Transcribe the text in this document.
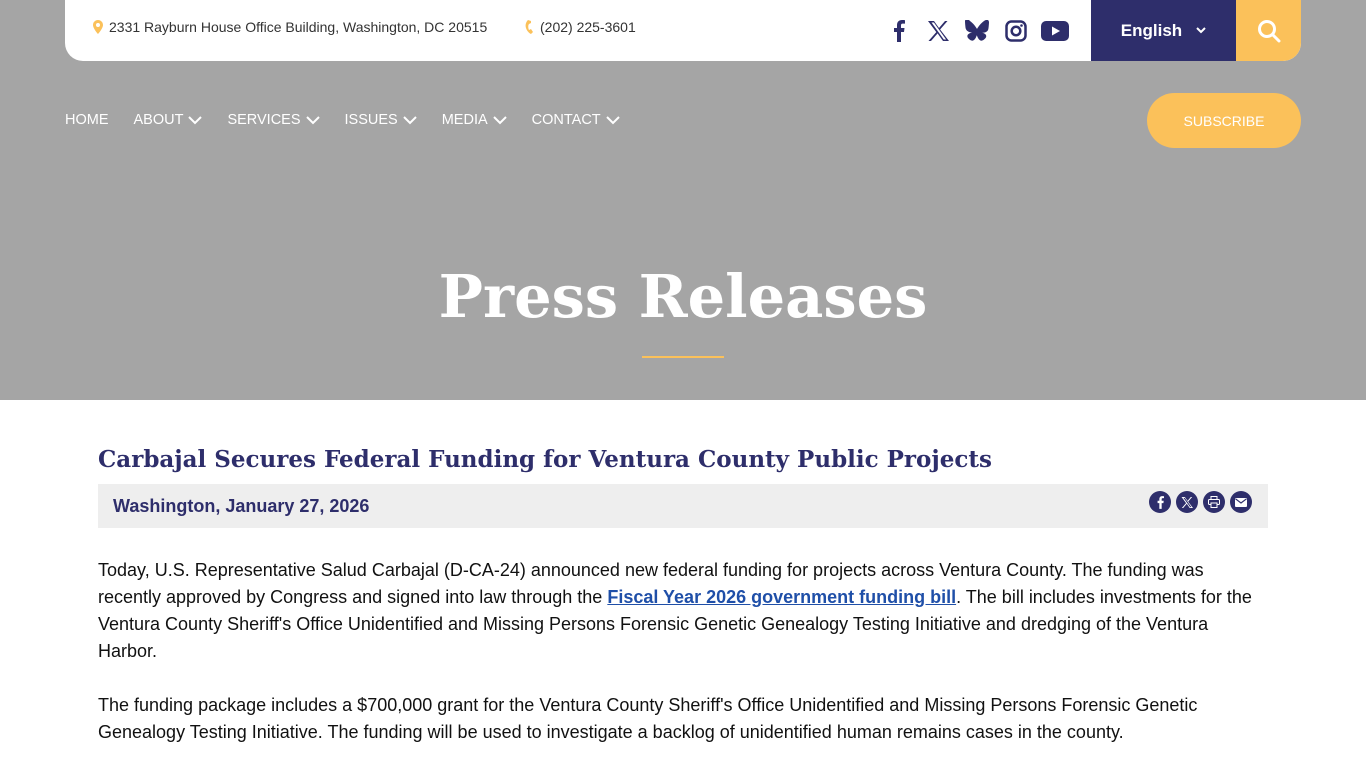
2331 Rayburn House Office Building, Washington, DC 20515	(202) 225-3601	English
HOME ABOUT	SERVICES	ISSUES	MEDIA	CONTACT	SUBSCRIBE
Press Releases
Carbajal Secures Federal Funding for Ventura County Public Projects
Washington, January 27, 2026

Today, U.S. Representative Salud Carbajal (D-CA-24) announced new federal funding for projects across Ventura County. The funding was recently approved by Congress and signed into law through the Fiscal Year 2026 government funding bill. The bill includes investments for the Ventura County Sheriff's Office Unidentified and Missing Persons Forensic Genetic Genealogy Testing Initiative and dredging of the Ventura Harbor.

The funding package includes a $700,000 grant for the Ventura County Sheriff's Office Unidentified and Missing Persons Forensic Genetic Genealogy Testing Initiative. The funding will be used to investigate a backlog of unidentified human remains cases in the county.
